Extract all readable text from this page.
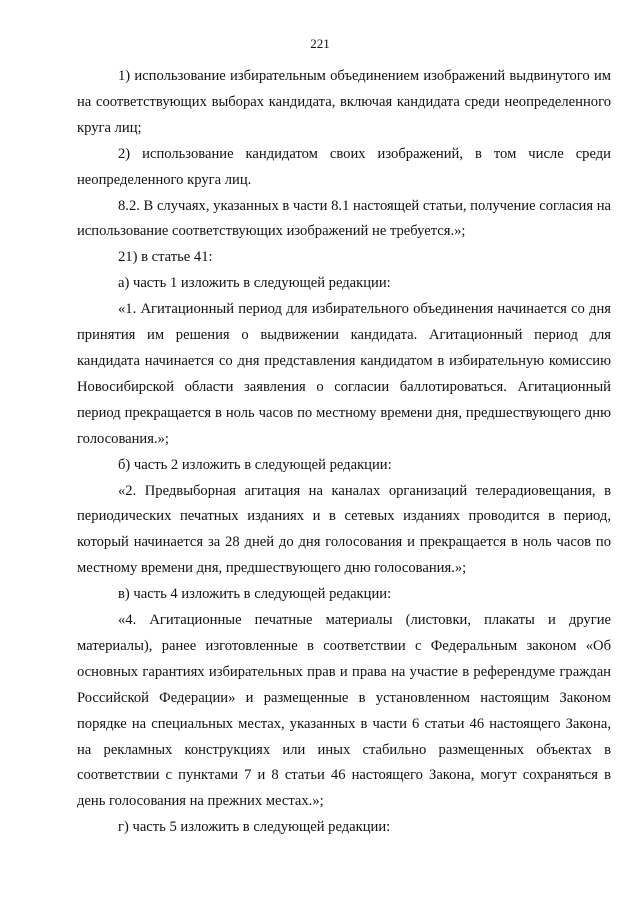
221

1) использование избирательным объединением изображений выдвинутого им на соответствующих выборах кандидата, включая кандидата среди неопределенного круга лиц;

2) использование кандидатом своих изображений, в том числе среди неопределенного круга лиц.

8.2. В случаях, указанных в части 8.1 настоящей статьи, получение согласия на использование соответствующих изображений не требуется.»;

21) в статье 41:

а) часть 1 изложить в следующей редакции:

«1. Агитационный период для избирательного объединения начинается со дня принятия им решения о выдвижении кандидата. Агитационный период для кандидата начинается со дня представления кандидатом в избирательную комиссию Новосибирской области заявления о согласии баллотироваться. Агитационный период прекращается в ноль часов по местному времени дня, предшествующего дню голосования.»;

б) часть 2 изложить в следующей редакции:

«2. Предвыборная агитация на каналах организаций телерадиовещания, в периодических печатных изданиях и в сетевых изданиях проводится в период, который начинается за 28 дней до дня голосования и прекращается в ноль часов по местному времени дня, предшествующего дню голосования.»;

в) часть 4 изложить в следующей редакции:

«4. Агитационные печатные материалы (листовки, плакаты и другие материалы), ранее изготовленные в соответствии с Федеральным законом «Об основных гарантиях избирательных прав и права на участие в референдуме граждан Российской Федерации» и размещенные в установленном настоящим Законом порядке на специальных местах, указанных в части 6 статьи 46 настоящего Закона, на рекламных конструкциях или иных стабильно размещенных объектах в соответствии с пунктами 7 и 8 статьи 46 настоящего Закона, могут сохраняться в день голосования на прежних местах.»;

г) часть 5 изложить в следующей редакции:
